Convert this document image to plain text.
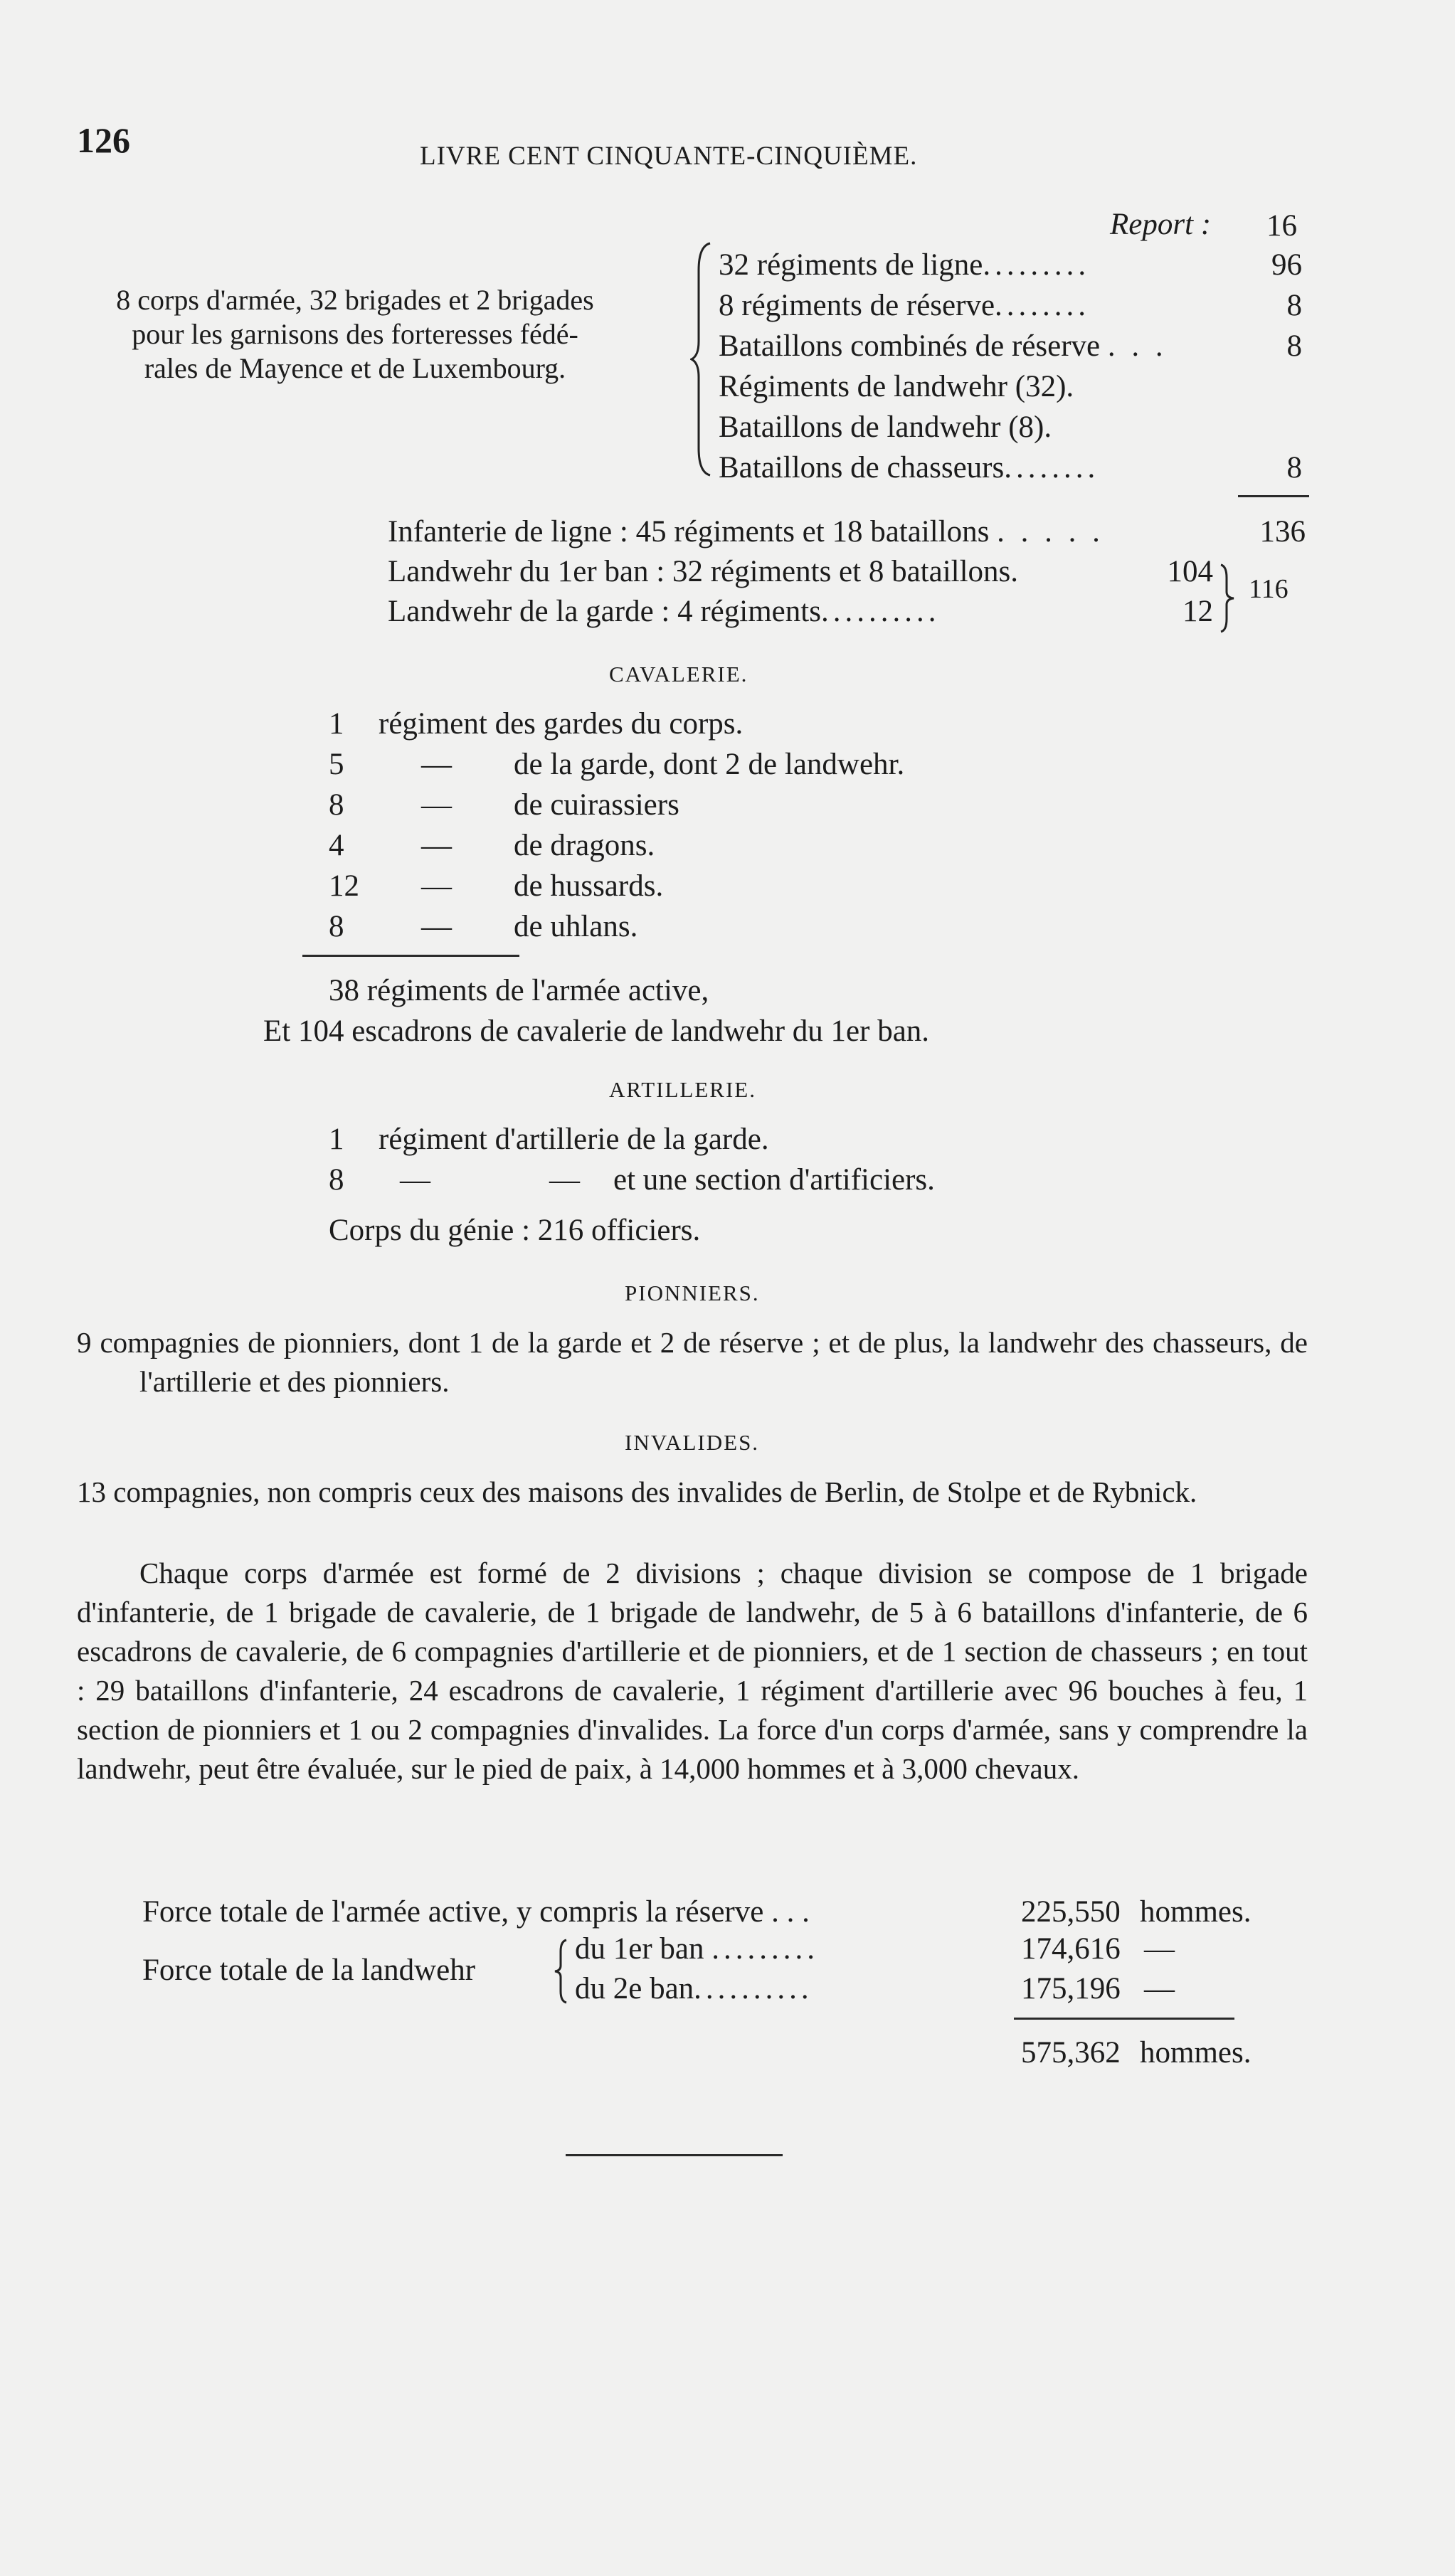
126	LIVRE CENT CINQUANTE-CINQUIÈME.
Report : 16
8 corps d'armée, 32 brigades et 2 brigades
pour les garnisons des forteresses fédé-
rales de Mayence et de Luxembourg.
32 régiments de ligne.........	96
8 régiments de réserve........	8
Bataillons combinés de réserve . . .	8
Régiments de landwehr (32).
Bataillons de landwehr (8).
Bataillons de chasseurs........	8
Infanterie de ligne : 45 régiments et 18 bataillons . . . . .	136
Landwehr du 1er ban : 32 régiments et 8 bataillons.	104
Landwehr de la garde : 4 régiments..........	12
116
CAVALERIE.
1 régiment des gardes du corps.
5	— de la garde, dont 2 de landwehr.
8	— de cuirassiers
4	— de dragons.
12 — de hussards.
8	— de uhlans.
38 régiments de l'armée active,
Et 104 escadrons de cavalerie de landwehr du 1er ban.
ARTILLERIE.
1 régiment d'artillerie de la garde.
8 —	— et une section d'artificiers.
Corps du génie : 216 officiers.
PIONNIERS.

9 compagnies de pionniers, dont 1 de la garde et 2 de réserve ; et de plus, la landwehr des chasseurs, de l'artillerie et des pionniers.

INVALIDES.

13 compagnies, non compris ceux des maisons des invalides de Berlin, de Stolpe et de Rybnick.

Chaque corps d'armée est formé de 2 divisions ; chaque division se compose de 1 brigade d'infanterie, de 1 brigade de cavalerie, de 1 brigade de landwehr, de 5 à 6 bataillons d'infanterie, de 6 escadrons de cavalerie, de 6 compagnies d'artillerie et de pionniers, et de 1 section de chasseurs ; en tout : 29 bataillons d'infanterie, 24 escadrons de cavalerie, 1 régiment d'artillerie avec 96 bouches à feu, 1 section de pionniers et 1 ou 2 compagnies d'invalides. La force d'un corps d'armée, sans y comprendre la landwehr, peut être évaluée, sur le pied de paix, à 14,000 hommes et à 3,000 chevaux.

Force totale de l'armée active, y compris la réserve . . .	225,550 hommes.
Force totale de la landwehr
du 1er ban .........	174,616 —
du 2e ban..........	175,196 —
575,362 hommes.
